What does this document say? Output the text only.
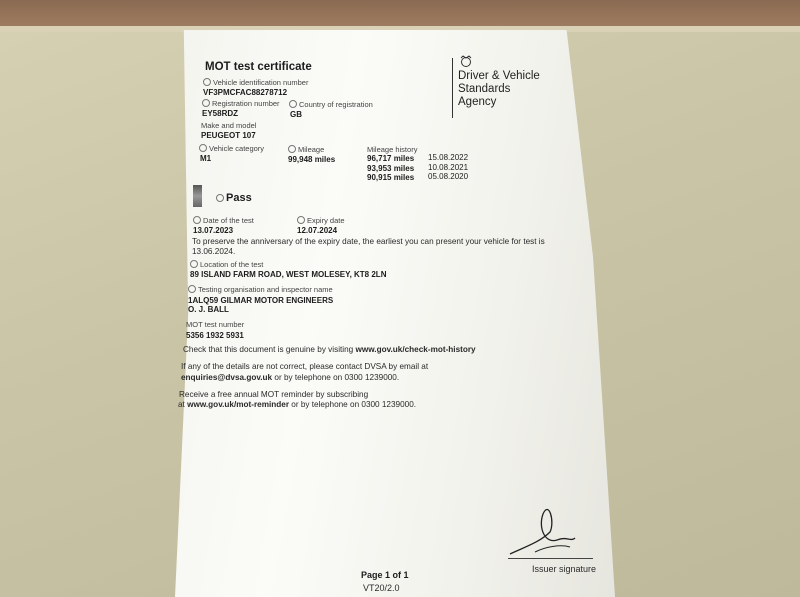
MOT test certificate
Vehicle identification number
VF3PMCFAC88278712
Registration number
EY58RDZ
Country of registration
GB
Make and model
PEUGEOT 107
Vehicle category
M1
Mileage
99,948 miles
Mileage history
96,717 miles 15.08.2022
93,953 miles 10.08.2021
90,915 miles 05.08.2020
Driver & Vehicle
Standards
Agency
Pass
Date of the test
13.07.2023
Expiry date
12.07.2024
To preserve the anniversary of the expiry date, the earliest you can present your vehicle for test is
13.06.2024.
Location of the test
89 ISLAND FARM ROAD, WEST MOLESEY, KT8 2LN
Testing organisation and inspector name
1ALQ59 GILMAR MOTOR ENGINEERS
O. J. BALL
MOT test number
5356 1932 5931
Check that this document is genuine by visiting www.gov.uk/check-mot-history
If any of the details are not correct, please contact DVSA by email at
enquiries@dvsa.gov.uk or by telephone on 0300 1239000.
Receive a free annual MOT reminder by subscribing
at www.gov.uk/mot-reminder or by telephone on 0300 1239000.
Issuer signature
Page 1 of 1
VT20/2.0
